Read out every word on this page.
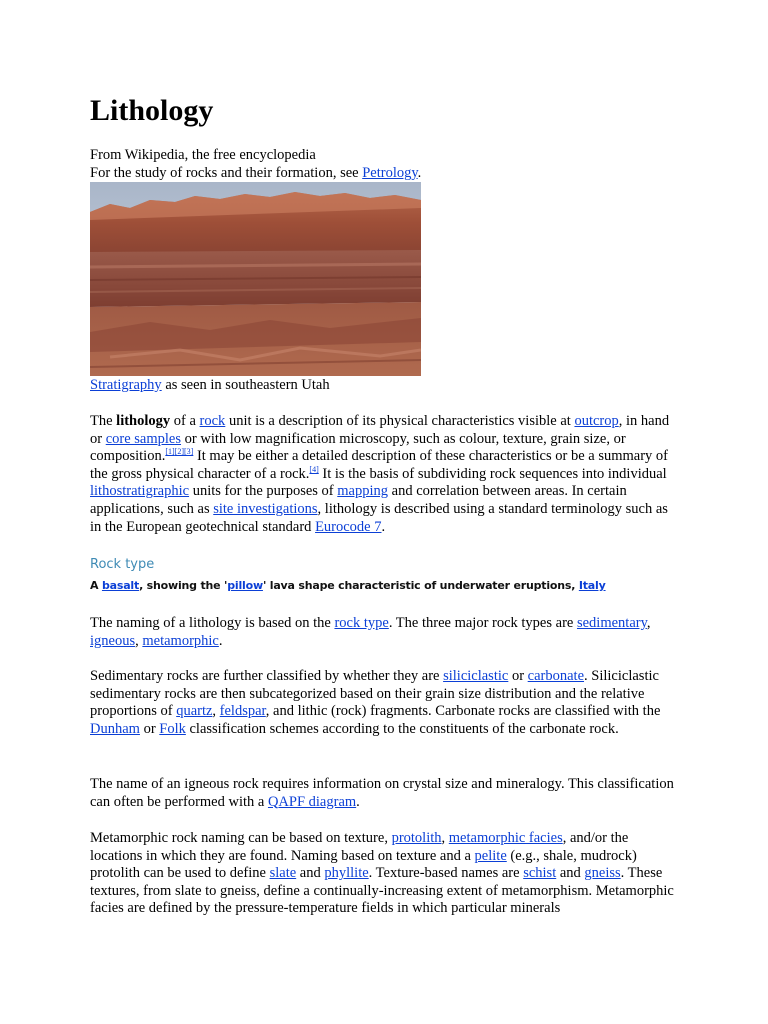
Lithology

From Wikipedia, the free encyclopedia
For the study of rocks and their formation, see Petrology.

Stratigraphy as seen in southeastern Utah

The lithology of a rock unit is a description of its physical characteristics visible at outcrop, in hand or core samples or with low magnification microscopy, such as colour, texture, grain size, or composition.[1][2][3] It may be either a detailed description of these characteristics or be a summary of the gross physical character of a rock.[4] It is the basis of subdividing rock sequences into individual lithostratigraphic units for the purposes of mapping and correlation between areas. In certain applications, such as site investigations, lithology is described using a standard terminology such as in the European geotechnical standard Eurocode 7.

Rock type

A basalt, showing the 'pillow' lava shape characteristic of underwater eruptions, Italy

The naming of a lithology is based on the rock type. The three major rock types are sedimentary, igneous, metamorphic.

Sedimentary rocks are further classified by whether they are siliciclastic or carbonate. Siliciclastic sedimentary rocks are then subcategorized based on their grain size distribution and the relative proportions of quartz, feldspar, and lithic (rock) fragments. Carbonate rocks are classified with the Dunham or Folk classification schemes according to the constituents of the carbonate rock.

The name of an igneous rock requires information on crystal size and mineralogy. This classification can often be performed with a QAPF diagram.

Metamorphic rock naming can be based on texture, protolith, metamorphic facies, and/or the locations in which they are found. Naming based on texture and a pelite (e.g., shale, mudrock) protolith can be used to define slate and phyllite. Texture-based names are schist and gneiss. These textures, from slate to gneiss, define a continually-increasing extent of metamorphism. Metamorphic facies are defined by the pressure-temperature fields in which particular minerals
